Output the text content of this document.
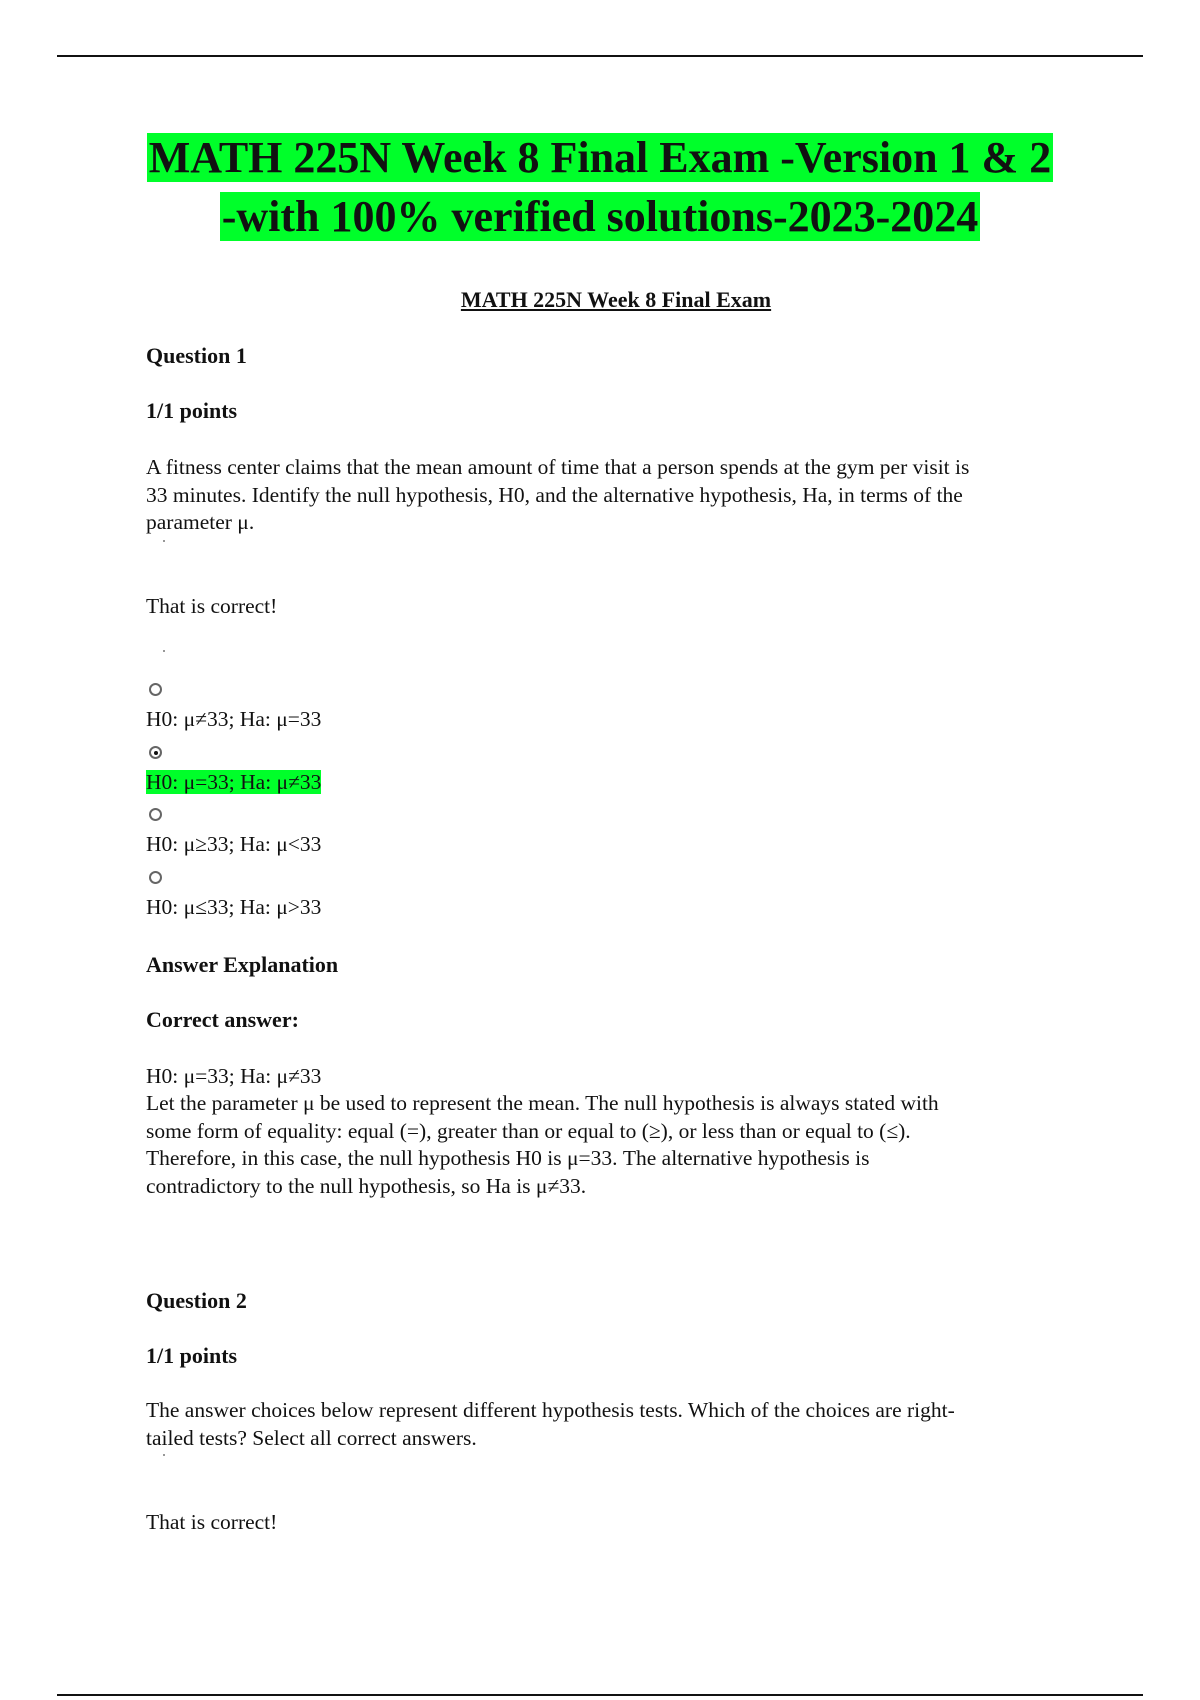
MATH 225N Week 8 Final Exam -Version 1 & 2
-with 100% verified solutions-2023-2024
MATH 225N Week 8 Final Exam
Question 1
1/1 points
A fitness center claims that the mean amount of time that a person spends at the gym per visit is
33 minutes. Identify the null hypothesis, H0, and the alternative hypothesis, Ha, in terms of the
parameter μ.
That is correct!
H0: μ≠33; Ha: μ=33
H0: μ=33; Ha: μ≠33
H0: μ≥33; Ha: μ<33
H0: μ≤33; Ha: μ>33
Answer Explanation
Correct answer:
H0: μ=33; Ha: μ≠33
Let the parameter μ be used to represent the mean. The null hypothesis is always stated with
some form of equality: equal (=), greater than or equal to (≥), or less than or equal to (≤).
Therefore, in this case, the null hypothesis H0 is μ=33. The alternative hypothesis is
contradictory to the null hypothesis, so Ha is μ≠33.
Question 2
1/1 points
The answer choices below represent different hypothesis tests. Which of the choices are right-
tailed tests? Select all correct answers.
That is correct!
